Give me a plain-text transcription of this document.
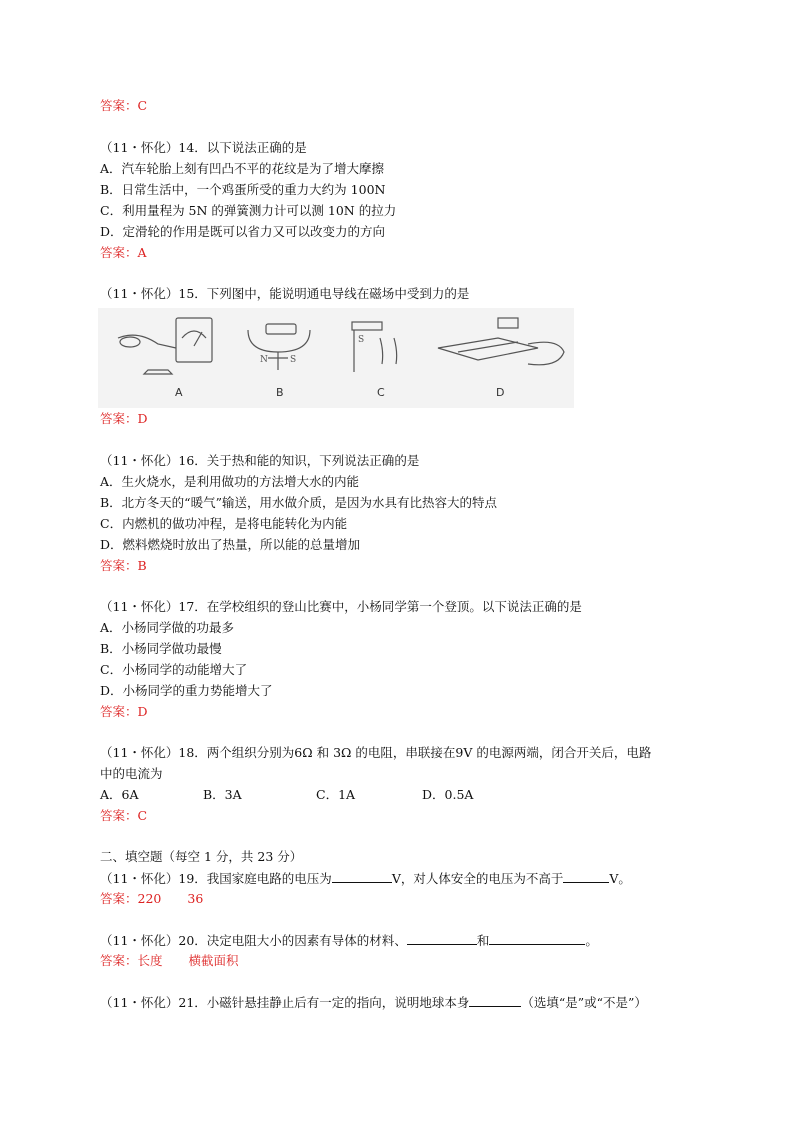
答案：C
（11・怀化）14．以下说法正确的是
A．汽车轮胎上刻有凹凸不平的花纹是为了增大摩擦
B．日常生活中，一个鸡蛋所受的重力大约为 100N
C．利用量程为 5N 的弹簧测力计可以测 10N 的拉力
D．定滑轮的作用是既可以省力又可以改变力的方向
答案：A
（11・怀化）15．下列图中，能说明通电导线在磁场中受到力的是
N S
S
A	B	C	D
答案：D
（11・怀化）16．关于热和能的知识，下列说法正确的是
A．生火烧水，是利用做功的方法增大水的内能
B．北方冬天的“暖气”输送，用水做介质，是因为水具有比热容大的特点
C．内燃机的做功冲程，是将电能转化为内能
D．燃料燃烧时放出了热量，所以能的总量增加
答案：B
（11・怀化）17．在学校组织的登山比赛中，小杨同学第一个登顶。以下说法正确的是
A．小杨同学做的功最多
B．小杨同学做功最慢
C．小杨同学的动能增大了
D．小杨同学的重力势能增大了
答案：D
（11・怀化）18．两个组织分别为6Ω 和 3Ω 的电阻，串联接在9V 的电源两端，闭合开关后，电路
中的电流为
A．6A	B．3A	C．1A	D．0.5A
答案：C
二、填空题（每空 1 分，共 23 分）
（11・怀化）19．我国家庭电路的电压为	V，对人体安全的电压为不高于	V。
答案：220 36
（11・怀化）20．决定电阻大小的因素有导体的材料、	和	。
答案：长度 横截面积
（11・怀化）21．小磁针悬挂静止后有一定的指向，说明地球本身	（选填“是”或“不是”）
